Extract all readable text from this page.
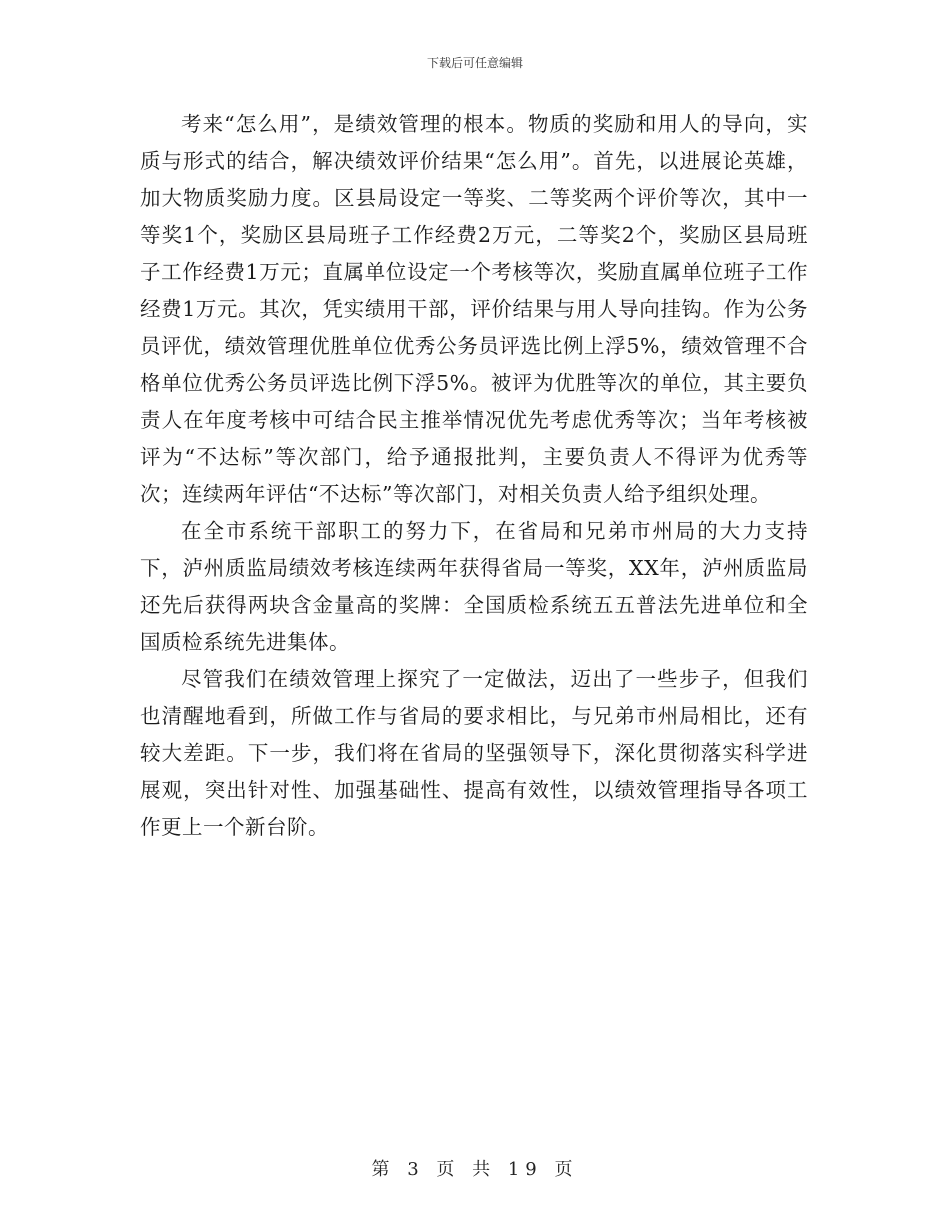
下载后可任意编辑

考来“怎么用”，是绩效管理的根本。物质的奖励和用人的导向，实质与形式的结合，解决绩效评价结果“怎么用”。首先，以进展论英雄，加大物质奖励力度。区县局设定一等奖、二等奖两个评价等次，其中一等奖1个，奖励区县局班子工作经费2万元，二等奖2个，奖励区县局班子工作经费1万元；直属单位设定一个考核等次，奖励直属单位班子工作经费1万元。其次，凭实绩用干部，评价结果与用人导向挂钩。作为公务员评优，绩效管理优胜单位优秀公务员评选比例上浮5%，绩效管理不合格单位优秀公务员评选比例下浮5%。被评为优胜等次的单位，其主要负责人在年度考核中可结合民主推举情况优先考虑优秀等次；当年考核被评为“不达标”等次部门，给予通报批判，主要负责人不得评为优秀等次；连续两年评估“不达标”等次部门，对相关负责人给予组织处理。

在全市系统干部职工的努力下，在省局和兄弟市州局的大力支持下，泸州质监局绩效考核连续两年获得省局一等奖，XX年，泸州质监局还先后获得两块含金量高的奖牌：全国质检系统五五普法先进单位和全国质检系统先进集体。

尽管我们在绩效管理上探究了一定做法，迈出了一些步子，但我们也清醒地看到，所做工作与省局的要求相比，与兄弟市州局相比，还有较大差距。下一步，我们将在省局的坚强领导下，深化贯彻落实科学进展观，突出针对性、加强基础性、提高有效性，以绩效管理指导各项工作更上一个新台阶。

第 3 页 共 19 页
